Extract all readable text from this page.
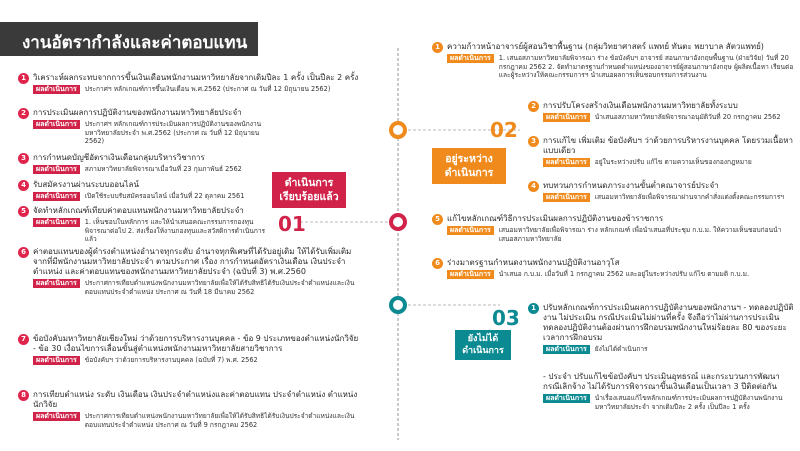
งานอัตรากำลังและค่าตอบแทน
ดำเนินการ
เรียบร้อยแล้ว
01
02
อยู่ระหว่าง
ดำเนินการ
03
ยังไม่ได้
ดำเนินการ
1 วิเคราะห์ผลกระทบจากการขึ้นเงินเดือนพนักงานมหาวิทยาลัยจากเดิมปีละ 1 ครั้ง เป็นปีละ 2 ครั้ง
ผลดำเนินการ	ประกาศฯ หลักเกณฑ์การขึ้นเงินเดือน พ.ศ.2562 (ประกาศ ณ วันที่ 12 มิถุนายน 2562)
2 การประเมินผลการปฏิบัติงานของพนักงานมหาวิทยาลัยประจำ
ผลดำเนินการ	ประกาศฯ หลักเกณฑ์การประเมินผลการปฏิบัติงานของพนักงานมหาวิทยาลัยประจำ พ.ศ.2562 (ประกาศ ณ วันที่ 12 มิถุนายน 2562)
3 การกำหนดบัญชีอัตราเงินเดือนกลุ่มบริหารวิชาการ
ผลดำเนินการ	สภามหาวิทยาลัยพิจารณาเมื่อวันที่ 23 กุมภาพันธ์ 2562
4 รับสมัครงานผ่านระบบออนไลน์
ผลดำเนินการ	เปิดใช้ระบบรับสมัครออนไลน์ เมื่อวันที่ 22 ตุลาคม 2561
5 จัดทำหลักเกณฑ์เทียบค่าตอบแทนพนักงานมหาวิทยาลัยประจำ
ผลดำเนินการ	1. เห็นชอบในหลักการ และให้นำเสนอคณะกรรมการกองทุนพิจารณาต่อไป 2. ส่งเรื่องให้งานกองทุนและสวัสดิการดำเนินการแล้ว
6 ค่าตอบแทนของผู้ดำรงตำแหน่งอำนาจทุกระดับ อำนาจทุกพิเศษที่ได้รับอยู่เดิม ให้ได้รับเพิ่มเติมจากที่มีพนักงานมหาวิทยาลัยประจำ ตามประกาศ เรื่อง การกำหนดอัตราเงินเดือน เงินประจำตำแหน่ง และค่าตอบแทนของพนักงานมหาวิทยาลัยประจำ (ฉบับที่ 3) พ.ศ.2560
ผลดำเนินการ	ประกาศการเทียบตำแหน่งพนักงานมหาวิทยาลัยเพื่อให้ได้รับสิทธิได้รับเงินประจำตำแหน่งและเงินตอบแทนประจำตำแหน่ง ประกาศ ณ วันที่ 18 มีนาคม 2562
7 ข้อบังคับมหาวิทยาลัยเชียงใหม่ ว่าด้วยการบริหารงานบุคคล - ข้อ 9 ประเภทของตำแหน่งนักวิจัย - ข้อ 30 เงื่อนไขการเลื่อนขั้นสู่ตำแหน่งพนักงานมหาวิทยาลัยสายวิชาการ
ผลดำเนินการ	ข้อบังคับฯ ว่าด้วยการบริหารงานบุคคล (ฉบับที่ 7) พ.ศ. 2562
8 การเทียบตำแหน่ง ระดับ เงินเดือน เงินประจำตำแหน่งและค่าตอบแทน ประจำตำแหน่ง ตำแหน่งนักวิจัย
ผลดำเนินการ	ประกาศการเทียบตำแหน่งพนักงานมหาวิทยาลัยเพื่อให้ได้รับสิทธิได้รับเงินประจำตำแหน่งและเงินตอบแทนประจำตำแหน่ง ประกาศ ณ วันที่ 9 กรกฎาคม 2562
1 ความก้าวหน้าอาจารย์ผู้สอนวิชาพื้นฐาน (กลุ่มวิทยาศาสตร์ แพทย์ ทันตะ พยาบาล สัตวแพทย์)
ผลดำเนินการ	1. เสนอสภามหาวิทยาลัยพิจารณา ร่าง ข้อบังคับฯ อาจารย์ สอนภาษาอังกฤษพื้นฐาน (ฝ่ายวิจัย) วันที่ 20 กรกฎาคม 2562 2. จัดทำมาตรฐานกำหนดตำแหน่งของอาจารย์ผู้สอนภาษาอังกฤษ ผู้ผลิตเนื้อหา เรียนต่อ และผู้ระหว่างให้คณะกรรมการฯ นำเสนอผลการเห็นชอบกรรมการส่วนงาน
2 การปรับโครงสร้างเงินเดือนพนักงานมหาวิทยาลัยทั้งระบบ
ผลดำเนินการ	นำเสนอสภามหาวิทยาลัยพิจารณาอนุมัติวันที่ 20 กรกฎาคม 2562
3 การแก้ไข เพิ่มเติม ข้อบังคับฯ ว่าด้วยการบริหารงานบุคคล โดยรวมเนื้อหาแบบเดียว
ผลดำเนินการ	อยู่ในระหว่างปรับ แก้ไข ตามความเห็นของกองกฎหมาย
4 ทบทวนการกำหนดภาระงานขั้นต่ำคณาจารย์ประจำ
ผลดำเนินการ	เสนอมหาวิทยาลัยเพื่อพิจารณาผ่านจากคำสั่งแต่งตั้งคณะกรรมการฯ
5 แก้ไขหลักเกณฑ์วิธีการประเมินผลการปฏิบัติงานของข้าราชการ
ผลดำเนินการ	เสนอมหาวิทยาลัยเพื่อพิจารณา ร่าง หลักเกณฑ์ เพื่อนำเสนอที่ประชุม ก.บ.ม. ให้ความเห็นชอบก่อนนำเสนอสภามหาวิทยาลัย
6 ร่างมาตรฐานกำหนดงานพนักงานปฏิบัติงานอาวุโส
ผลดำเนินการ	นำเสนอ ก.บ.ม. เมื่อวันที่ 1 กรกฎาคม 2562 และอยู่ในระหว่างปรับ แก้ไข ตามมติ ก.บ.ม.
1 ปรับหลักเกณฑ์การประเมินผลการปฏิบัติงานของพนักงานฯ - ทดลองปฏิบัติงาน ไม่ประเมิน กรณีประเมินไม่ผ่านที่ครั้ง จึงถือว่าไม่ผ่านการประเมินทดลองปฏิบัติงานต้องผ่านการฝึกอบรมพนักงานใหม่ร้อยละ 80 ของระยะเวลาการฝึกอบรม
ผลดำเนินการ	ยังไม่ได้ดำเนินการ
- ประจำ ปรับแก้ไขข้อบังคับฯ ประเมินอุทธรณ์ และกระบวนการพัฒนากรณีเลิกจ้าง ไม่ได้รับการพิจารณาขึ้นเงินเดือนเป็นเวลา 3 ปีติดต่อกัน
ผลดำเนินการ	นำเรื่องเสนอแก้ไขหลักเกณฑ์การประเมินผลการปฏิบัติงานพนักงานมหาวิทยาลัยประจำ จากเดิมปีละ 2 ครั้ง เป็นปีละ 1 ครั้ง
